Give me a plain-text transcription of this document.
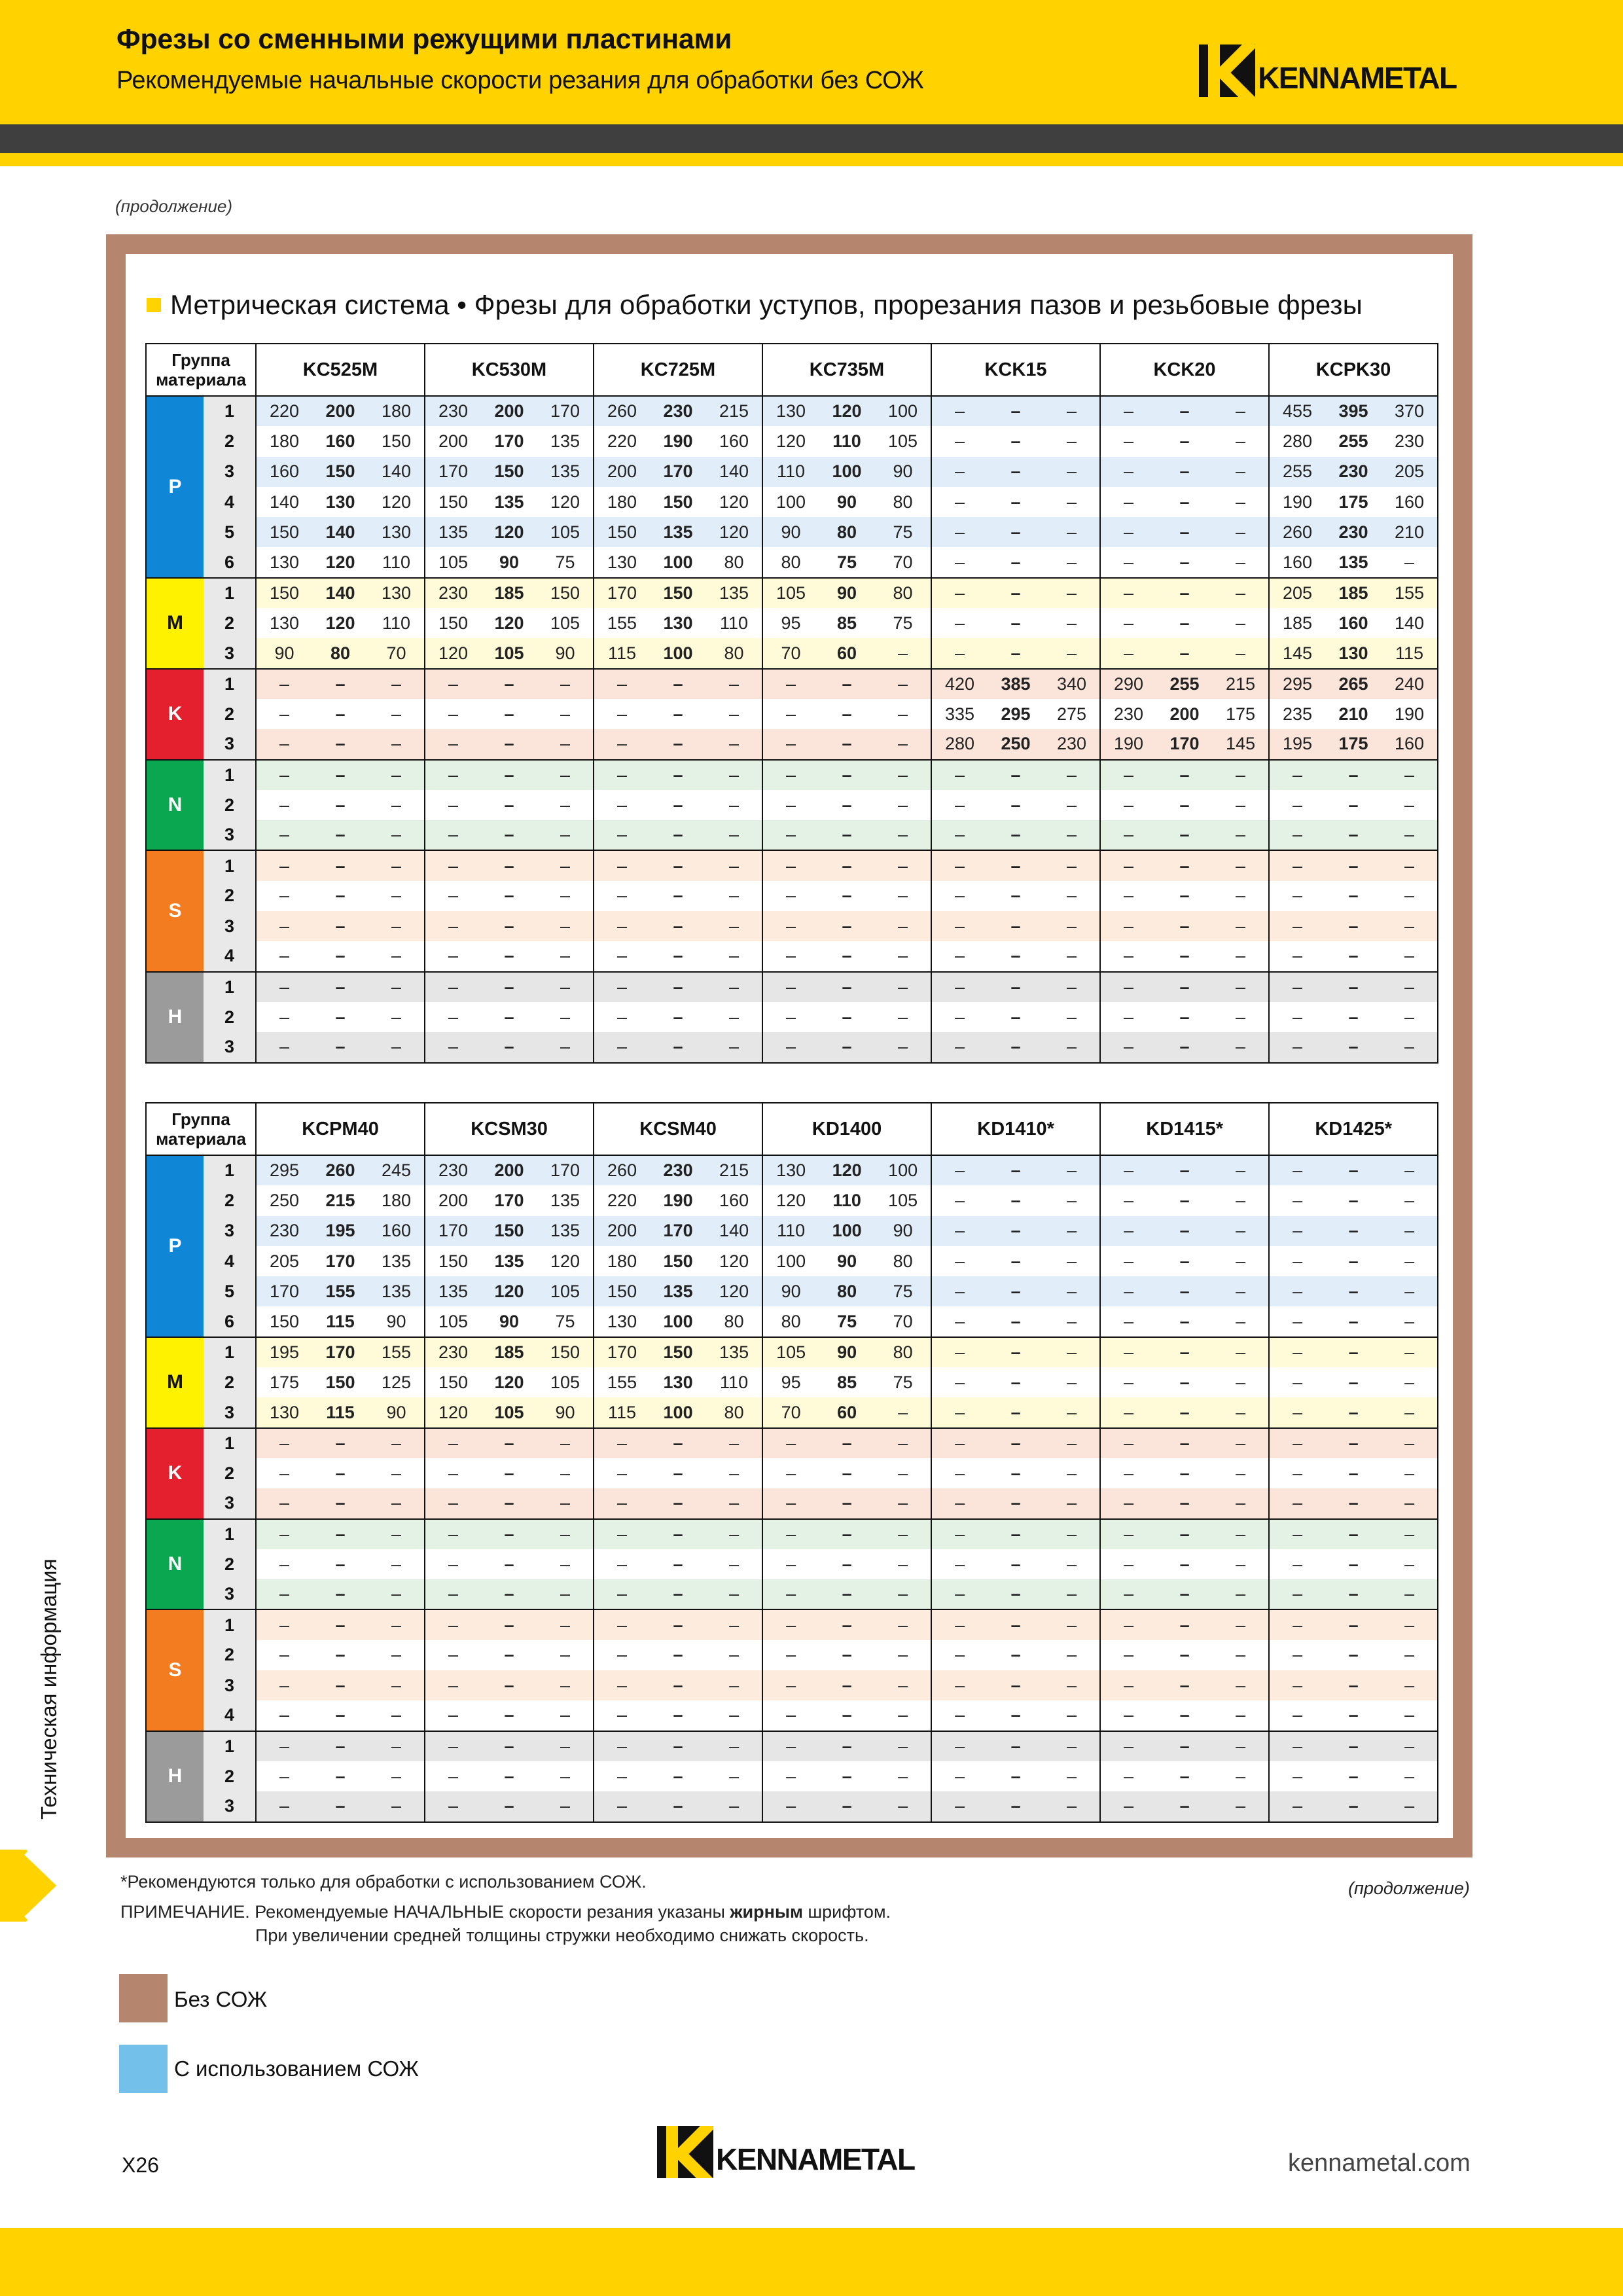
Фрезы со сменными режущими пластинами
Рекомендуемые начальные скорости резания для обработки без СОЖ	KENNAMETAL
(продолжение)
Метрическая система • Фрезы для обработки уступов, прорезания пазов и резьбовые фрезы
Группа материала		KC525M			KC530M			KC725M			KC735M			KCK15			KCK20			KCPK30		
P	1	220	200	180	230	200	170	260	230	215	130	120	100	–	–	–	–	–	–	455	395	370
	2	180	160	150	200	170	135	220	190	160	120	110	105	–	–	–	–	–	–	280	255	230
	3	160	150	140	170	150	135	200	170	140	110	100	90	–	–	–	–	–	–	255	230	205
	4	140	130	120	150	135	120	180	150	120	100	90	80	–	–	–	–	–	–	190	175	160
	5	150	140	130	135	120	105	150	135	120	90	80	75	–	–	–	–	–	–	260	230	210
	6	130	120	110	105	90	75	130	100	80	80	75	70	–	–	–	–	–	–	160	135	–
M	1	150	140	130	230	185	150	170	150	135	105	90	80	–	–	–	–	–	–	205	185	155
	2	130	120	110	150	120	105	155	130	110	95	85	75	–	–	–	–	–	–	185	160	140
	3	90	80	70	120	105	90	115	100	80	70	60	–	–	–	–	–	–	–	145	130	115
K	1	–	–	–	–	–	–	–	–	–	–	–	–	420	385	340	290	255	215	295	265	240
	2	–	–	–	–	–	–	–	–	–	–	–	–	335	295	275	230	200	175	235	210	190
	3	–	–	–	–	–	–	–	–	–	–	–	–	280	250	230	190	170	145	195	175	160
N	1	–	–	–	–	–	–	–	–	–	–	–	–	–	–	–	–	–	–	–	–	–
	2	–	–	–	–	–	–	–	–	–	–	–	–	–	–	–	–	–	–	–	–	–
	3	–	–	–	–	–	–	–	–	–	–	–	–	–	–	–	–	–	–	–	–	–
S	1	–	–	–	–	–	–	–	–	–	–	–	–	–	–	–	–	–	–	–	–	–
	2	–	–	–	–	–	–	–	–	–	–	–	–	–	–	–	–	–	–	–	–	–
	3	–	–	–	–	–	–	–	–	–	–	–	–	–	–	–	–	–	–	–	–	–
	4	–	–	–	–	–	–	–	–	–	–	–	–	–	–	–	–	–	–	–	–	–
H	1	–	–	–	–	–	–	–	–	–	–	–	–	–	–	–	–	–	–	–	–	–
	2	–	–	–	–	–	–	–	–	–	–	–	–	–	–	–	–	–	–	–	–	–
	3	–	–	–	–	–	–	–	–	–	–	–	–	–	–	–	–	–	–	–	–	–
Группа материала		KCPM40			KCSM30			KCSM40			KD1400			KD1410*			KD1415*			KD1425*		
P	1	295	260	245	230	200	170	260	230	215	130	120	100	–	–	–	–	–	–	–	–	–
	2	250	215	180	200	170	135	220	190	160	120	110	105	–	–	–	–	–	–	–	–	–
	3	230	195	160	170	150	135	200	170	140	110	100	90	–	–	–	–	–	–	–	–	–
	4	205	170	135	150	135	120	180	150	120	100	90	80	–	–	–	–	–	–	–	–	–
	5	170	155	135	135	120	105	150	135	120	90	80	75	–	–	–	–	–	–	–	–	–
	6	150	115	90	105	90	75	130	100	80	80	75	70	–	–	–	–	–	–	–	–	–
M	1	195	170	155	230	185	150	170	150	135	105	90	80	–	–	–	–	–	–	–	–	–
	2	175	150	125	150	120	105	155	130	110	95	85	75	–	–	–	–	–	–	–	–	–
	3	130	115	90	120	105	90	115	100	80	70	60	–	–	–	–	–	–	–	–	–	–
K	1	–	–	–	–	–	–	–	–	–	–	–	–	–	–	–	–	–	–	–	–	–
	2	–	–	–	–	–	–	–	–	–	–	–	–	–	–	–	–	–	–	–	–	–
	3	–	–	–	–	–	–	–	–	–	–	–	–	–	–	–	–	–	–	–	–	–
N	1	–	–	–	–	–	–	–	–	–	–	–	–	–	–	–	–	–	–	–	–	–
	2	–	–	–	–	–	–	–	–	–	–	–	–	–	–	–	–	–	–	–	–	–
	3	–	–	–	–	–	–	–	–	–	–	–	–	–	–	–	–	–	–	–	–	–
S	1	–	–	–	–	–	–	–	–	–	–	–	–	–	–	–	–	–	–	–	–	–
	2	–	–	–	–	–	–	–	–	–	–	–	–	–	–	–	–	–	–	–	–	–
	3	–	–	–	–	–	–	–	–	–	–	–	–	–	–	–	–	–	–	–	–	–
	4	–	–	–	–	–	–	–	–	–	–	–	–	–	–	–	–	–	–	–	–	–
H	1	–	–	–	–	–	–	–	–	–	–	–	–	–	–	–	–	–	–	–	–	–
	2	–	–	–	–	–	–	–	–	–	–	–	–	–	–	–	–	–	–	–	–	–
	3	–	–	–	–	–	–	–	–	–	–	–	–	–	–	–	–	–	–	–	–	–
Техническая информация
*Рекомендуются только для обработки с использованием СОЖ.	(продолжение)
ПРИМЕЧАНИЕ. Рекомендуемые НАЧАЛЬНЫЕ скорости резания указаны жирным шрифтом.
При увеличении средней толщины стружки необходимо снижать скорость.
Без СОЖ
С использованием СОЖ
X26	KENNAMETAL	kennametal.com
